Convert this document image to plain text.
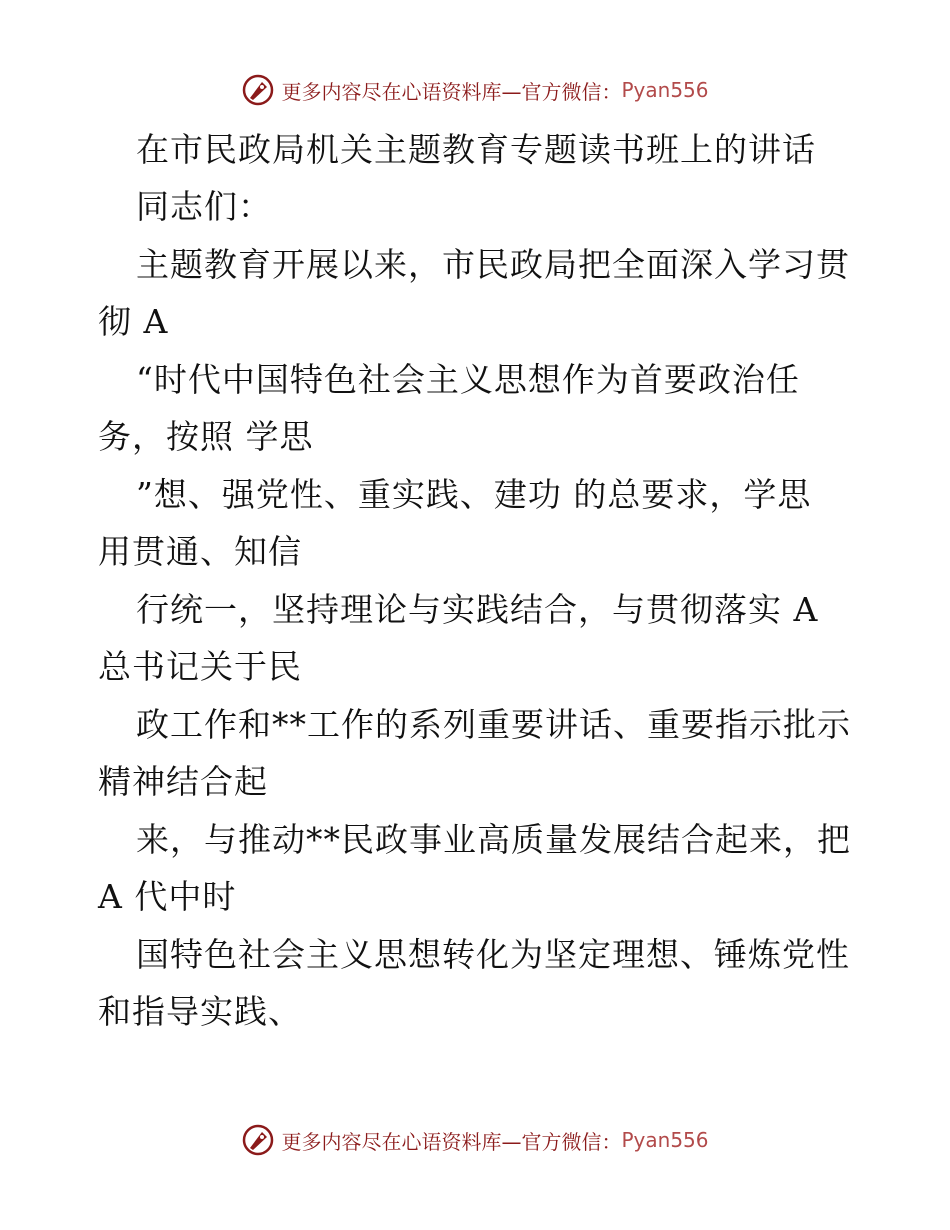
更多内容尽在心语资料库—官方微信： Pyan556
在市民政局机关主题教育专题读书班上的讲话
同志们：
主题教育开展以来，市民政局把全面深入学习贯
彻 A
“时代中国特色社会主义思想作为首要政治任
务，按照 学思
”想、强党性、重实践、建功 的总要求，学思
用贯通、知信
行统一，坚持理论与实践结合，与贯彻落实 A
总书记关于民
政工作和**工作的系列重要讲话、重要指示批示
精神结合起
来，与推动**民政事业高质量发展结合起来，把
A 代中时
国特色社会主义思想转化为坚定理想、锤炼党性
和指导实践、
更多内容尽在心语资料库—官方微信： Pyan556
